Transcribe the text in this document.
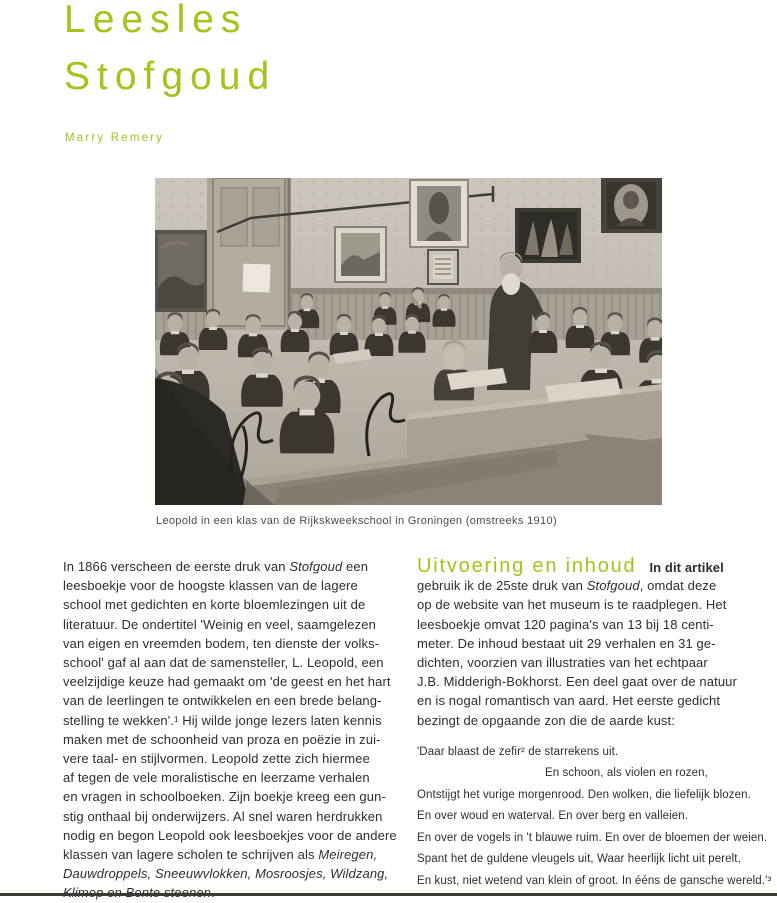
Leesles
Stofgoud
Marry Remery
Leopold in een klas van de Rijkskweekschool in Groningen (omstreeks 1910)
In 1866 verscheen de eerste druk van Stofgoud een
leesboekje voor de hoogste klassen van de lagere
school met gedichten en korte bloemlezingen uit de
literatuur. De ondertitel 'Weinig en veel, saamgelezen
van eigen en vreemden bodem, ten dienste der volks-
school' gaf al aan dat de samensteller, L. Leopold, een
veelzijdige keuze had gemaakt om 'de geest en het hart
van de leerlingen te ontwikkelen en een brede belang-
stelling te wekken'.¹ Hij wilde jonge lezers laten kennis
maken met de schoonheid van proza en poëzie in zui-
vere taal- en stijlvormen. Leopold zette zich hiermee
af tegen de vele moralistische en leerzame verhalen
en vragen in schoolboeken. Zijn boekje kreeg een gun-
stig onthaal bij onderwijzers. Al snel waren herdrukken
nodig en begon Leopold ook leesboekjes voor de andere
klassen van lagere scholen te schrijven als Meiregen,
Dauwdroppels, Sneeuwvlokken, Mosroosjes, Wildzang,
Uitvoering en inhoud In dit artikel
gebruik ik de 25ste druk van Stofgoud, omdat deze
op de website van het museum is te raadplegen. Het
leesboekje omvat 120 pagina's van 13 bij 18 centi-
meter. De inhoud bestaat uit 29 verhalen en 31 ge-
dichten, voorzien van illustraties van het echtpaar
J.B. Midderigh-Bokhorst. Een deel gaat over de natuur
en is nogal romantisch van aard. Het eerste gedicht
bezingt de opgaande zon die de aarde kust:
'Daar blaast de zefir² de starrekens uit.
En schoon, als violen en rozen,
Ontstijgt het vurige morgenrood. Den wolken, die liefelijk blozen.
En over woud en waterval. En over berg en valleien.
En over de vogels in 't blauwe ruim. En over de bloemen der weien.
Spant het de guldene vleugels uit, Waar heerlijk licht uit perelt,
En kust, niet wetend van klein of groot. In ééns de gansche wereld.'³
